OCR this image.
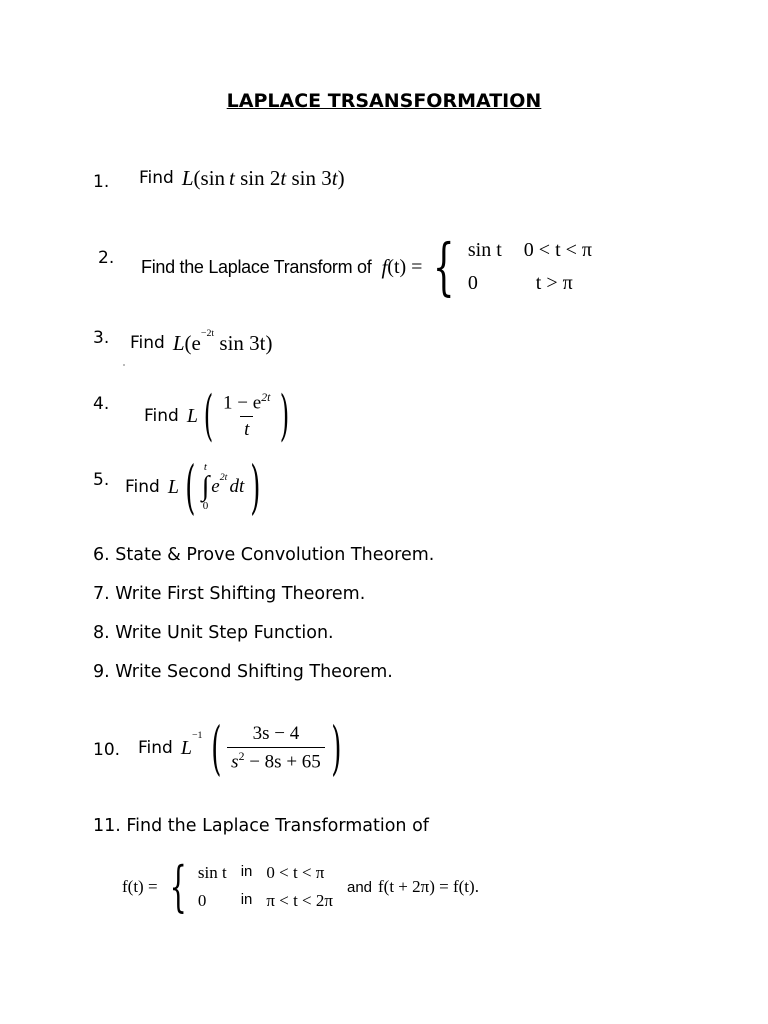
LAPLACE TRSANSFORMATION
1. Find L (sin t sin 2 t sin 3 t )
2. Find the Laplace Transform of f (t) = { sin t 0 < t < π
0	t > π
3. Find L ($e^{-2t}$ sin 3t)
4.
Find L ( $\frac{1 - e^{2t}}{t}$ )
5. Find L ( t
∫
0
$e^{2t}$ dt )
6. State & Prove Convolution Theorem.
7. Write First Shifting Theorem.
8. Write Unit Step Function.
9. Write Second Shifting Theorem.
10. Find L
$^{-1}$ ( $\frac{3s - 4}{s^2 - 8s + 65}$ )
11. Find the Laplace Transformation of
f(t) = { sin t in 0 < t < π
0	in π < t < 2π
and f(t + 2π) = f(t) .
